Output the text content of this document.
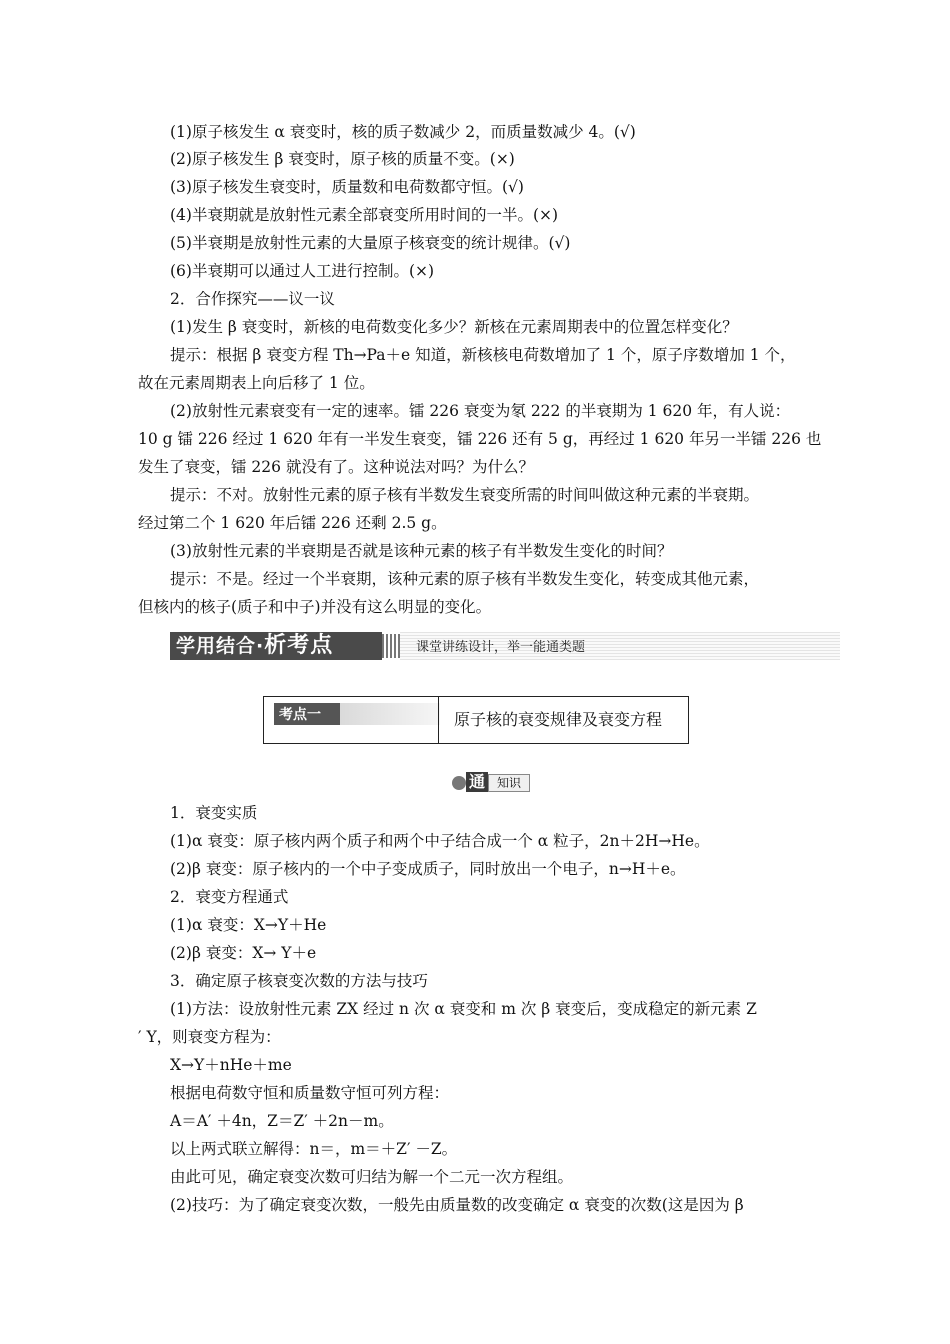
(1)原子核发生 α 衰变时，核的质子数减少 2，而质量数减少 4。(√)
(2)原子核发生 β 衰变时，原子核的质量不变。(×)
(3)原子核发生衰变时，质量数和电荷数都守恒。(√)
(4)半衰期就是放射性元素全部衰变所用时间的一半。(×)
(5)半衰期是放射性元素的大量原子核衰变的统计规律。(√)
(6)半衰期可以通过人工进行控制。(×)
2．合作探究——议一议
(1)发生 β 衰变时，新核的电荷数变化多少？新核在元素周期表中的位置怎样变化？
提示：根据 β 衰变方程 Th→Pa＋e 知道，新核核电荷数增加了 1 个，原子序数增加 1 个，
故在元素周期表上向后移了 1 位。
(2)放射性元素衰变有一定的速率。镭 226 衰变为氡 222 的半衰期为 1 620 年，有人说：
10 g 镭 226 经过 1 620 年有一半发生衰变，镭 226 还有 5 g，再经过 1 620 年另一半镭 226 也
发生了衰变，镭 226 就没有了。这种说法对吗？为什么？
提示：不对。放射性元素的原子核有半数发生衰变所需的时间叫做这种元素的半衰期。
经过第二个 1 620 年后镭 226 还剩 2.5 g。
(3)放射性元素的半衰期是否就是该种元素的核子有半数发生变化的时间？
提示：不是。经过一个半衰期，该种元素的原子核有半数发生变化，转变成其他元素，
但核内的核子(质子和中子)并没有这么明显的变化。
学用结合·析考点	课堂讲练设计，举一能通类题
考点一	原子核的衰变规律及衰变方程
通 知识
1．衰变实质
(1)α 衰变：原子核内两个质子和两个中子结合成一个 α 粒子，2n＋2H→He。
(2)β 衰变：原子核内的一个中子变成质子，同时放出一个电子，n→H＋e。
2．衰变方程通式
(1)α 衰变：X→Y＋He
(2)β 衰变：X→ Y＋e
3．确定原子核衰变次数的方法与技巧
(1)方法：设放射性元素 ZX 经过 n 次 α 衰变和 m 次 β 衰变后，变成稳定的新元素 Z
′ Y，则衰变方程为：
X→Y＋nHe＋me
根据电荷数守恒和质量数守恒可列方程：
A＝A′ ＋4n，Z＝Z′ ＋2n－m。
以上两式联立解得：n＝，m＝＋Z′ －Z。
由此可见，确定衰变次数可归结为解一个二元一次方程组。
(2)技巧：为了确定衰变次数，一般先由质量数的改变确定 α 衰变的次数(这是因为 β
